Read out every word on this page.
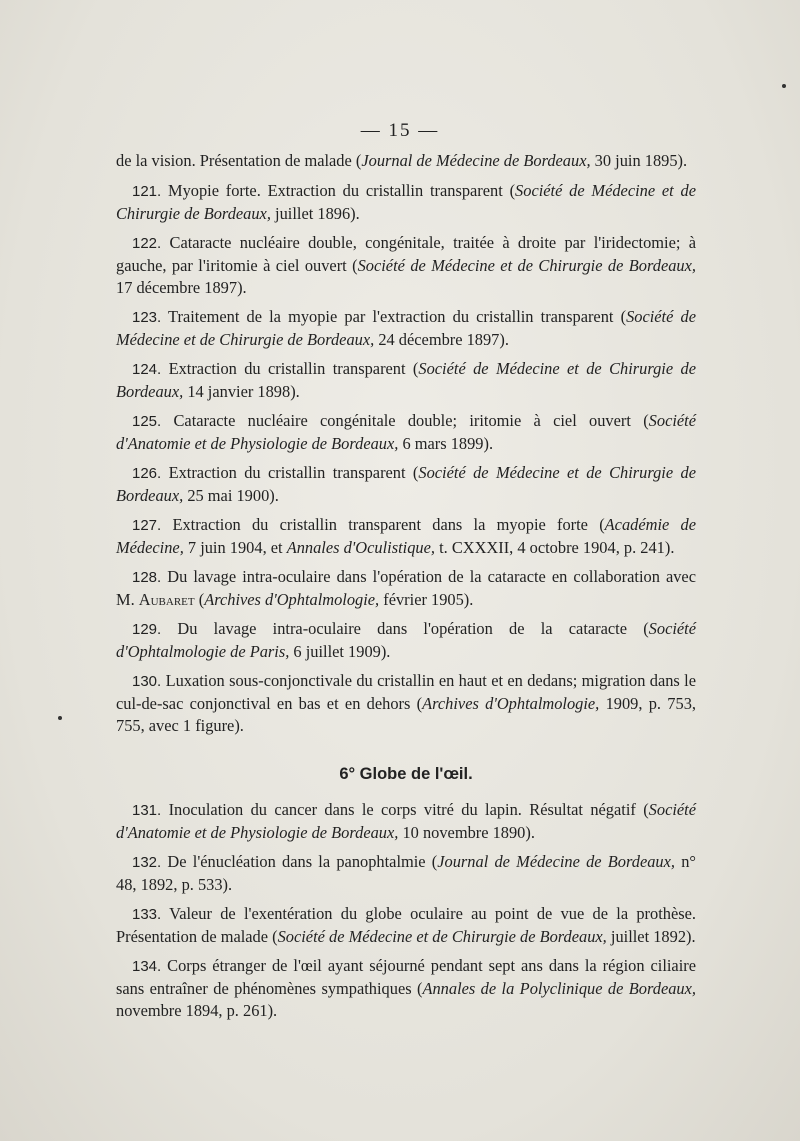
— 15 —

de la vision. Présentation de malade (Journal de Médecine de Bordeaux, 30 juin 1895).

121. Myopie forte. Extraction du cristallin transparent (Société de Médecine et de Chirurgie de Bordeaux, juillet 1896).

122. Cataracte nucléaire double, congénitale, traitée à droite par l'iridectomie; à gauche, par l'iritomie à ciel ouvert (Société de Médecine et de Chirurgie de Bordeaux, 17 décembre 1897).

123. Traitement de la myopie par l'extraction du cristallin transparent (Société de Médecine et de Chirurgie de Bordeaux, 24 décembre 1897).

124. Extraction du cristallin transparent (Société de Médecine et de Chirurgie de Bordeaux, 14 janvier 1898).

125. Cataracte nucléaire congénitale double; iritomie à ciel ouvert (Société d'Anatomie et de Physiologie de Bordeaux, 6 mars 1899).

126. Extraction du cristallin transparent (Société de Médecine et de Chirurgie de Bordeaux, 25 mai 1900).

127. Extraction du cristallin transparent dans la myopie forte (Académie de Médecine, 7 juin 1904, et Annales d'Oculistique, t. CXXXII, 4 octobre 1904, p. 241).

128. Du lavage intra-oculaire dans l'opération de la cataracte en collaboration avec M. Aubaret (Archives d'Ophtalmologie, février 1905).

129. Du lavage intra-oculaire dans l'opération de la cataracte (Société d'Ophtalmologie de Paris, 6 juillet 1909).

130. Luxation sous-conjonctivale du cristallin en haut et en dedans; migration dans le cul-de-sac conjonctival en bas et en dehors (Archives d'Ophtalmologie, 1909, p. 753, 755, avec 1 figure).

6° Globe de l'œil.

131. Inoculation du cancer dans le corps vitré du lapin. Résultat négatif (Société d'Anatomie et de Physiologie de Bordeaux, 10 novembre 1890).

132. De l'énucléation dans la panophtalmie (Journal de Médecine de Bordeaux, n° 48, 1892, p. 533).

133. Valeur de l'exentération du globe oculaire au point de vue de la prothèse. Présentation de malade (Société de Médecine et de Chirurgie de Bordeaux, juillet 1892).

134. Corps étranger de l'œil ayant séjourné pendant sept ans dans la région ciliaire sans entraîner de phénomènes sympathiques (Annales de la Polyclinique de Bordeaux, novembre 1894, p. 261).
